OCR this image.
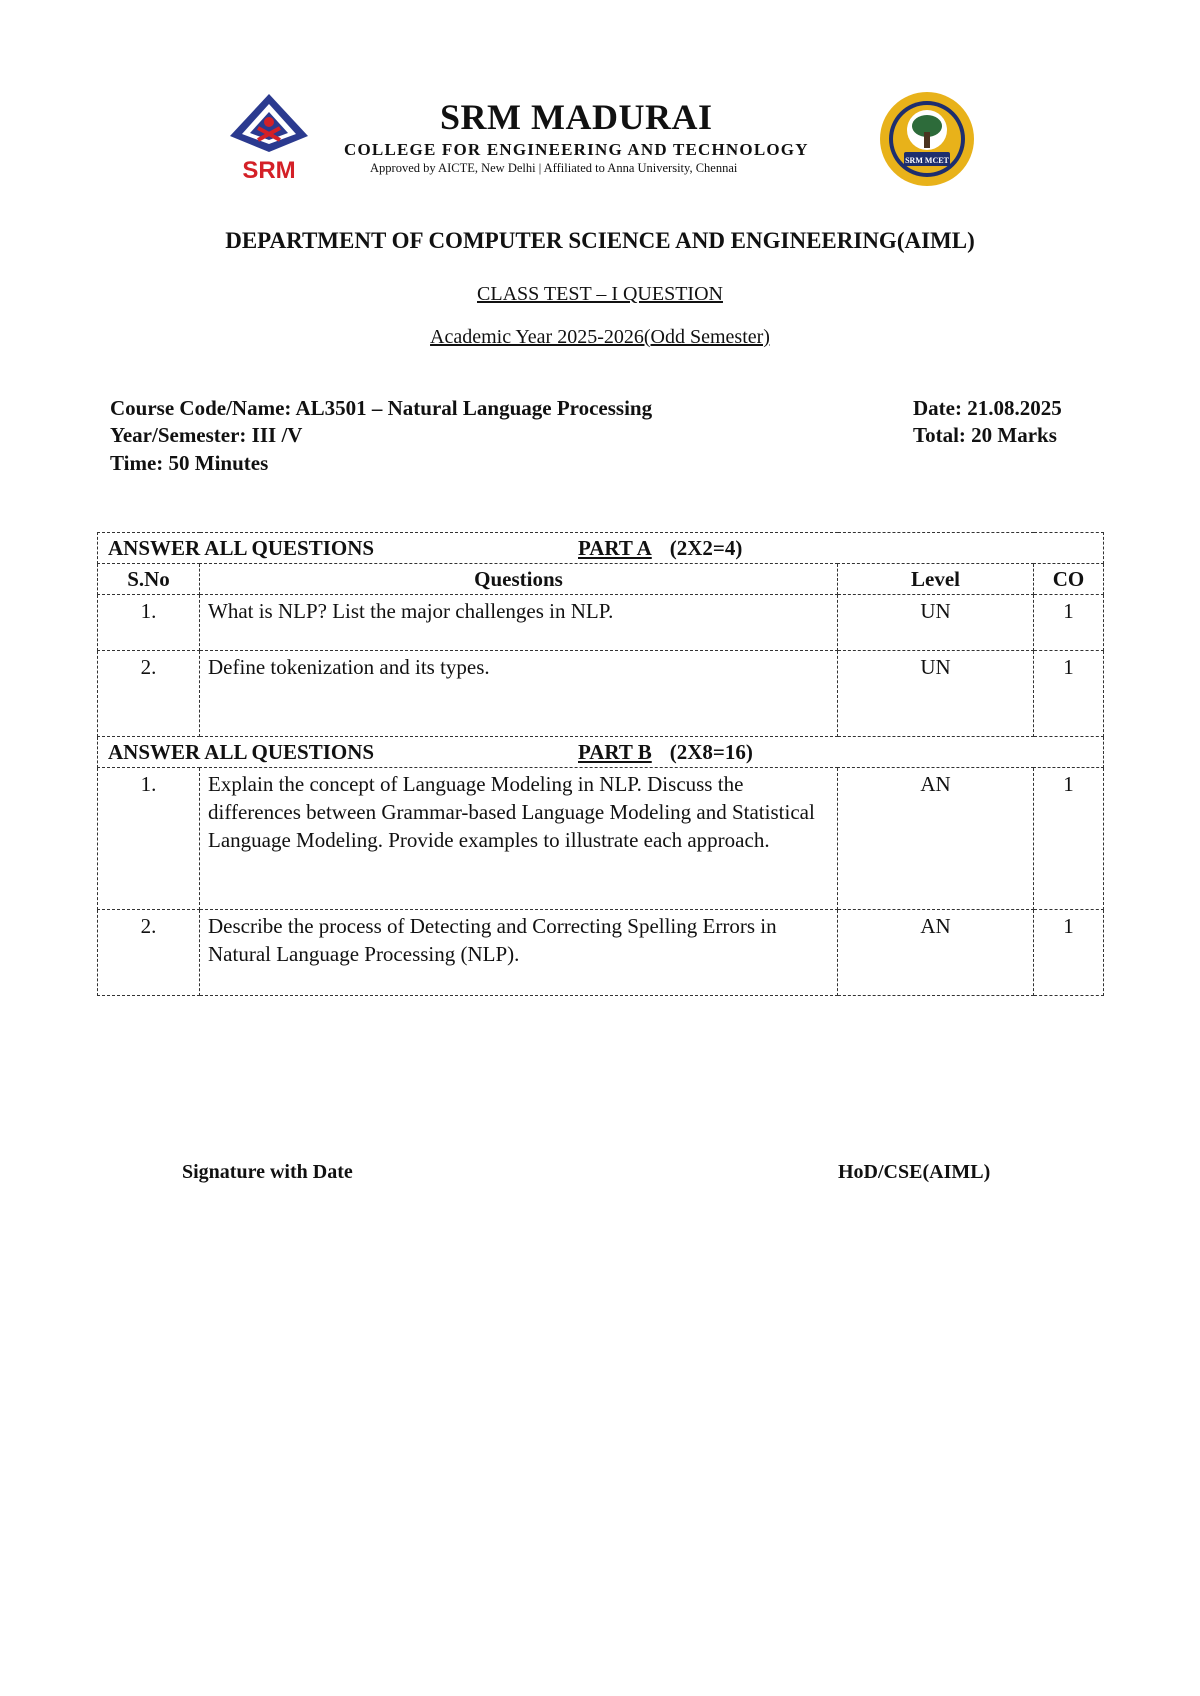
SRM
SRM MADURAI
COLLEGE FOR ENGINEERING AND TECHNOLOGY
Approved by AICTE, New Delhi | Affiliated to Anna University, Chennai
SRM MCET
DEPARTMENT OF COMPUTER SCIENCE AND ENGINEERING(AIML)
CLASS TEST – I QUESTION
Academic Year 2025-2026(Odd Semester)
Course Code/Name: AL3501 – Natural Language Processing
Year/Semester: III /V
Time: 50 Minutes
Date: 21.08.2025
Total: 20 Marks
ANSWER ALL QUESTIONS PART A (2X2=4)			
S.No	Questions	Level	CO
1.	What is NLP? List the major challenges in NLP.	UN	1
2.	Define tokenization and its types.	UN	1
ANSWER ALL QUESTIONS PART B (2X8=16)			
1.	Explain the concept of Language Modeling in NLP. Discuss the differences between Grammar-based Language Modeling and Statistical Language Modeling. Provide examples to illustrate each approach.	AN	1
2.	Describe the process of Detecting and Correcting Spelling Errors in Natural Language Processing (NLP).	AN	1
Signature with Date	HoD/CSE(AIML)
